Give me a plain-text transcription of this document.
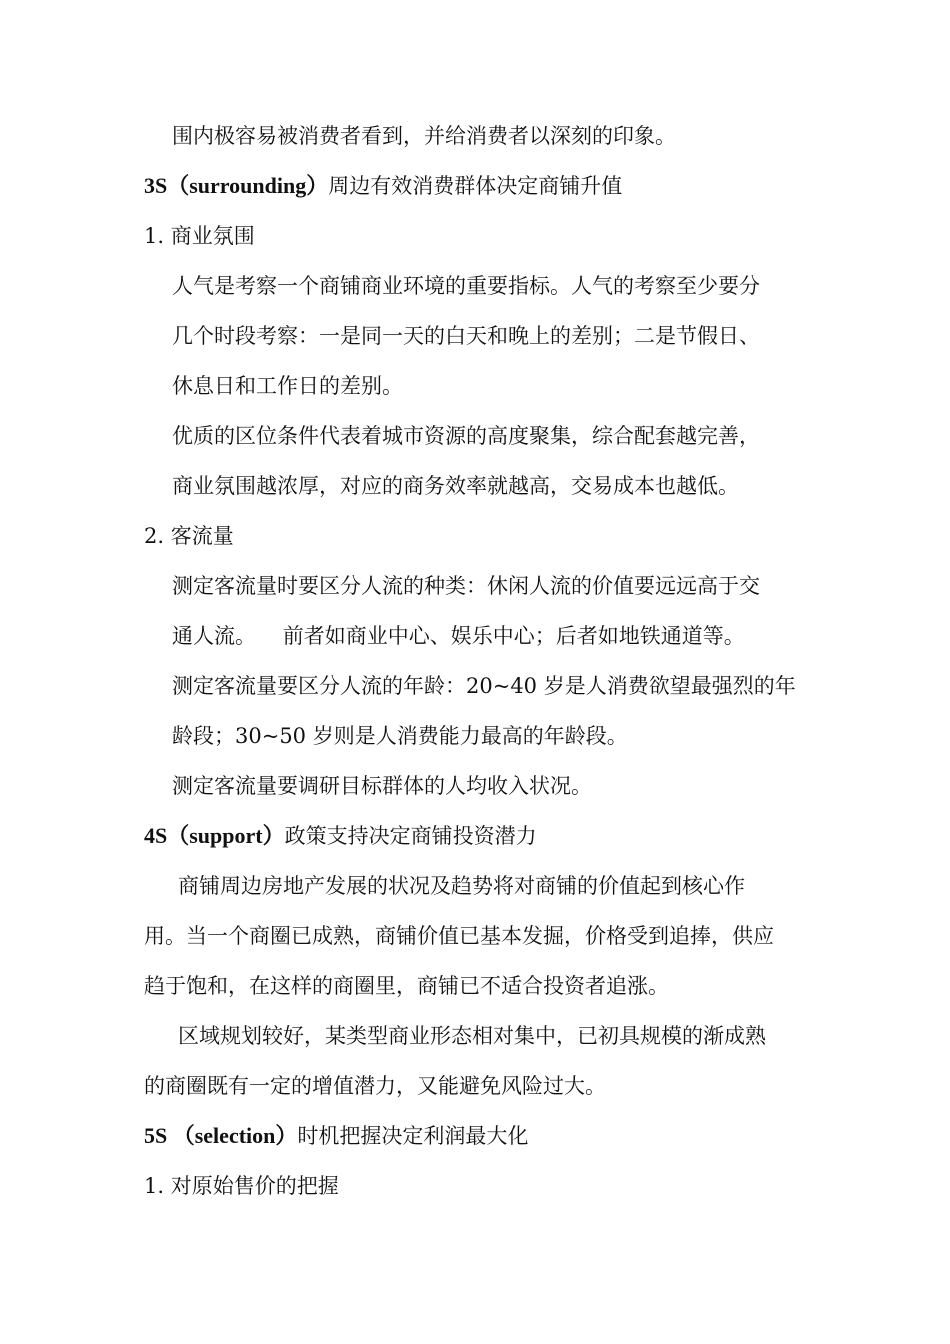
围内极容易被消费者看到，并给消费者以深刻的印象。
3S（surrounding）周边有效消费群体决定商铺升值
1. 商业氛围
人气是考察一个商铺商业环境的重要指标。人气的考察至少要分
几个时段考察：一是同一天的白天和晚上的差别；二是节假日、
休息日和工作日的差别。
优质的区位条件代表着城市资源的高度聚集，综合配套越完善，
商业氛围越浓厚，对应的商务效率就越高，交易成本也越低。
2. 客流量
测定客流量时要区分人流的种类：休闲人流的价值要远远高于交
通人流。    前者如商业中心、娱乐中心；后者如地铁通道等。
测定客流量要区分人流的年龄：20~40 岁是人消费欲望最强烈的年
龄段；30~50 岁则是人消费能力最高的年龄段。
测定客流量要调研目标群体的人均收入状况。
4S（support）政策支持决定商铺投资潜力
商铺周边房地产发展的状况及趋势将对商铺的价值起到核心作
用。当一个商圈已成熟，商铺价值已基本发掘，价格受到追捧，供应
趋于饱和，在这样的商圈里，商铺已不适合投资者追涨。
区域规划较好，某类型商业形态相对集中，已初具规模的渐成熟
的商圈既有一定的增值潜力，又能避免风险过大。
5S （selection）时机把握决定利润最大化
1. 对原始售价的把握
